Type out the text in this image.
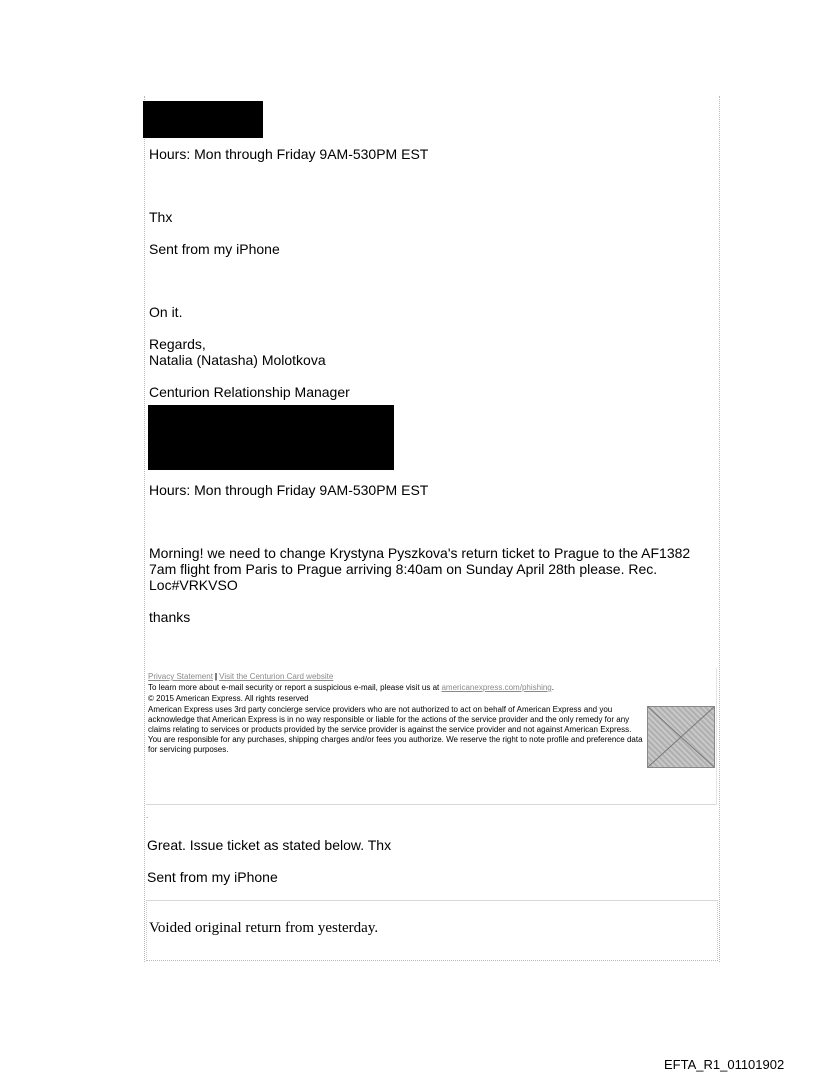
Hours: Mon through Friday 9AM-530PM EST
Thx
Sent from my iPhone
On it.
Regards,
Natalia (Natasha) Molotkova
Centurion Relationship Manager
Hours: Mon through Friday 9AM-530PM EST
Morning! we need to change Krystyna Pyszkova's return ticket to Prague to the AF1382 7am flight from Paris to Prague arriving 8:40am on Sunday April 28th please. Rec. Loc#VRKVSO
thanks
Privacy Statement | Visit the Centurion Card website
To learn more about e-mail security or report a suspicious e-mail, please visit us at americanexpress.com/phishing.
© 2015 American Express. All rights reserved
American Express uses 3rd party concierge service providers who are not authorized to act on behalf of American Express and you acknowledge that American Express is in no way responsible or liable for the actions of the service provider and the only remedy for any claims relating to services or products provided by the service provider is against the service provider and not against American Express. You are responsible for any purchases, shipping charges and/or fees you authorize. We reserve the right to note profile and preference data for servicing purposes.
.
Great. Issue ticket as stated below. Thx
Sent from my iPhone
Voided original return from yesterday.
EFTA_R1_01101902
